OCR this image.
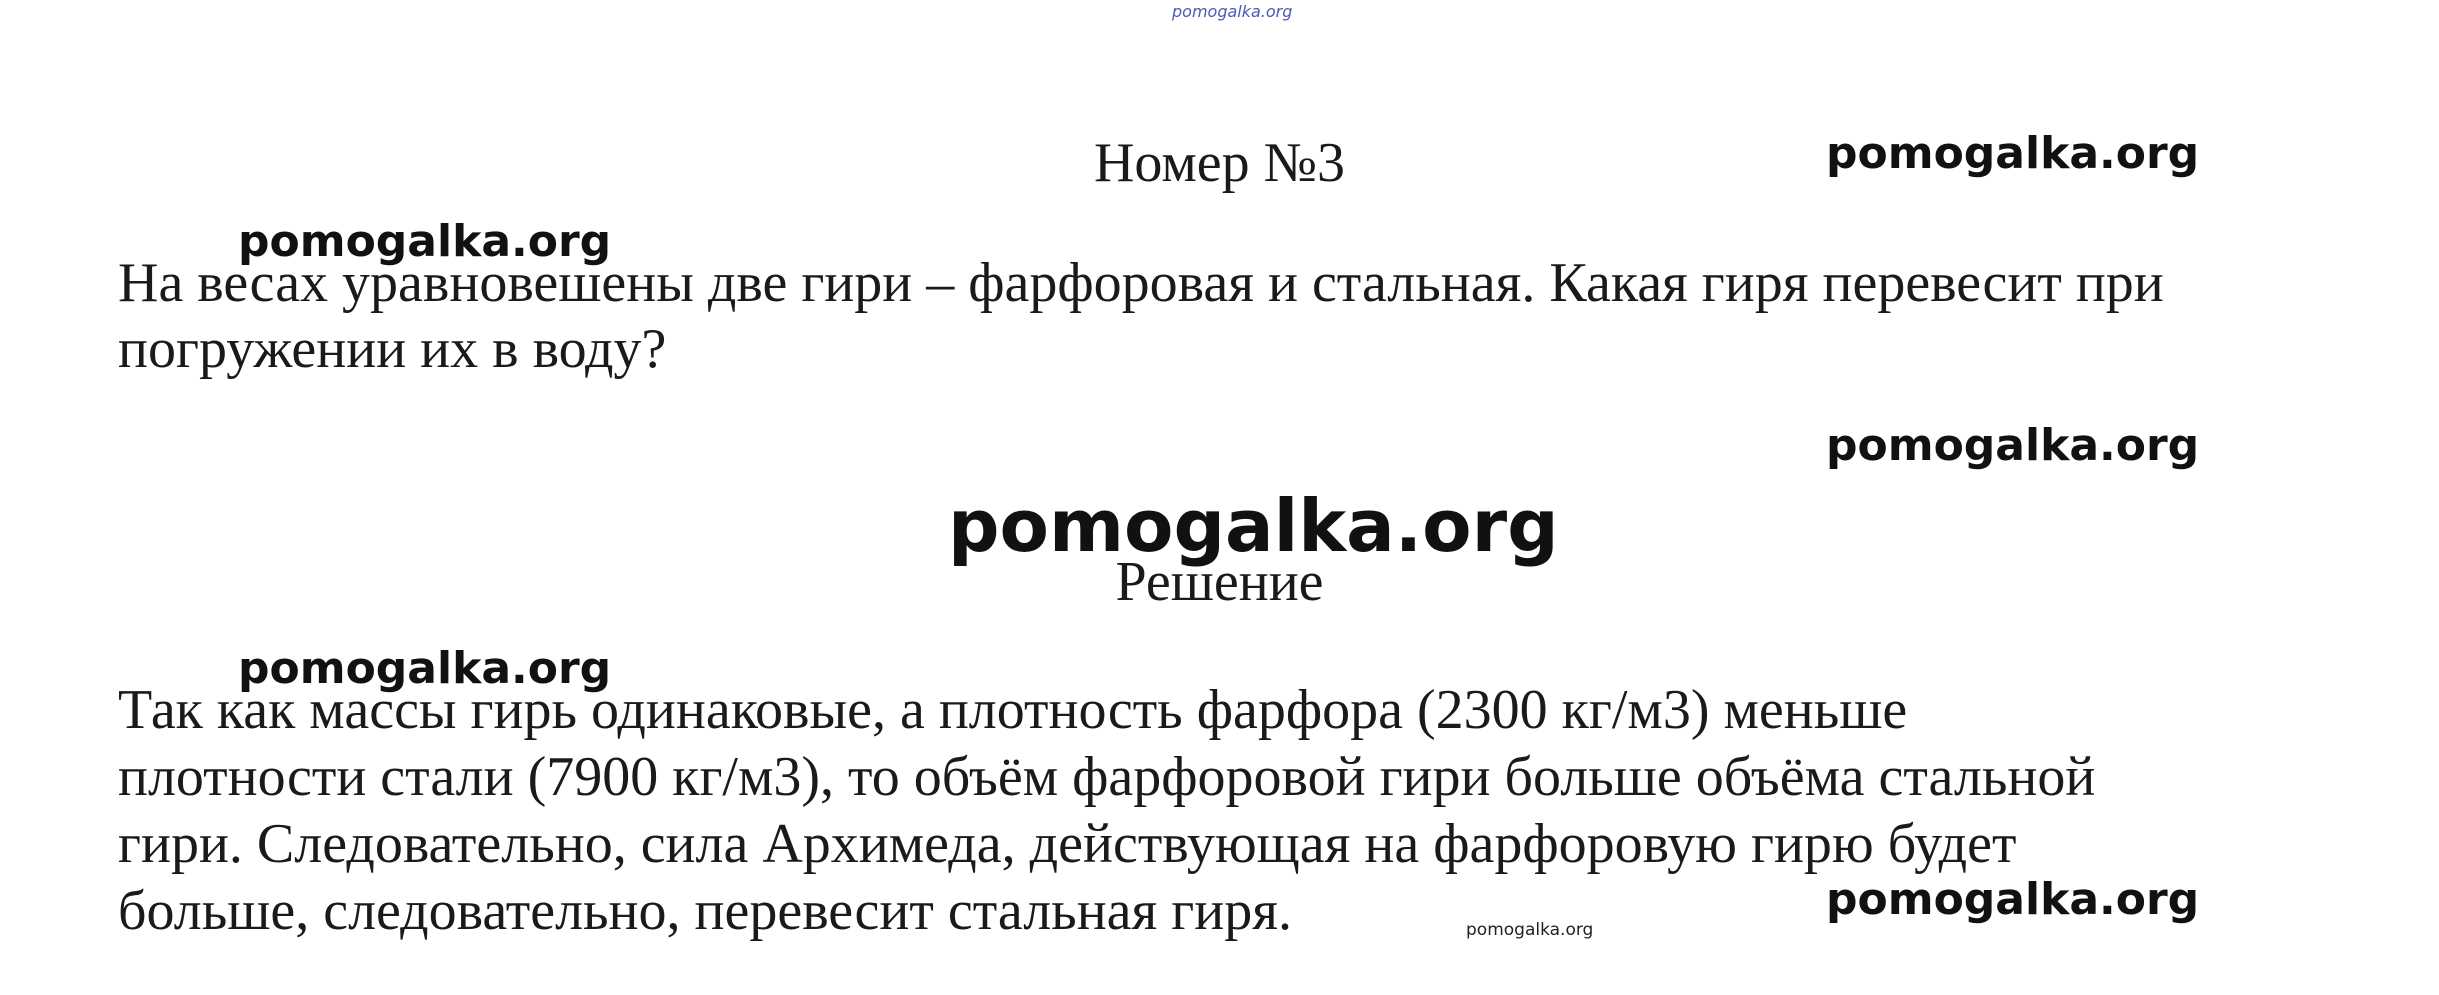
pomogalka.org
Номер №3	pomogalka.org
pomogalka.org
На весах уравновешены две гири – фарфоровая и стальная. Какая гиря перевесит при
погружении их в воду?
pomogalka.org
pomogalka.org
Решение
pomogalka.org
Так как массы гирь одинаковые, а плотность фарфора (2300 кг/м3) меньше
плотности стали (7900 кг/м3), то объём фарфоровой гири больше объёма стальной
гири. Следовательно, сила Архимеда, действующая на фарфоровую гирю будет
больше, следовательно, перевесит стальная гиря.	pomogalka.org
pomogalka.org
